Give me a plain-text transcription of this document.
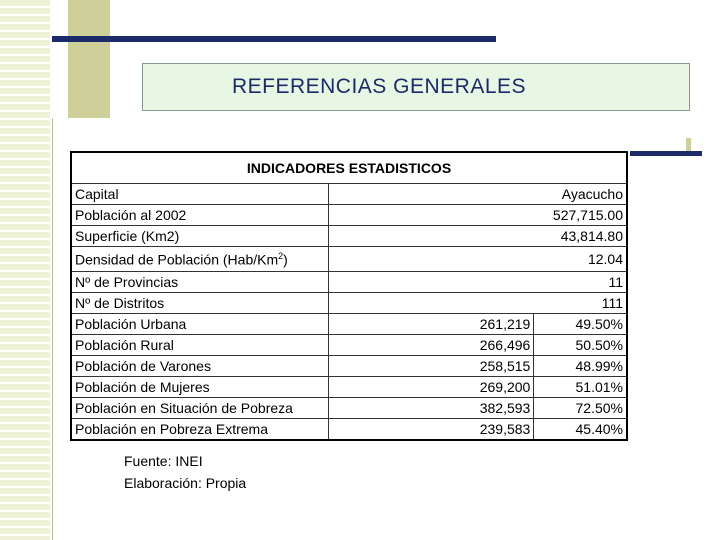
REFERENCIAS GENERALES
INDICADORES ESTADISTICOS		
Capital	Ayacucho	
Población al 2002	527,715.00	
Superficie (Km2)	43,814.80	
Densidad de Población (Hab/Km$^2$)	12.04	
Nº de Provincias	11	
Nº de Distritos	111	
Población Urbana	261,219	49.50%
Población Rural	266,496	50.50%
Población de Varones	258,515	48.99%
Población de Mujeres	269,200	51.01%
Población en Situación de Pobreza	382,593	72.50%
Población en Pobreza Extrema	239,583	45.40%
Fuente: INEI
Elaboración: Propia
